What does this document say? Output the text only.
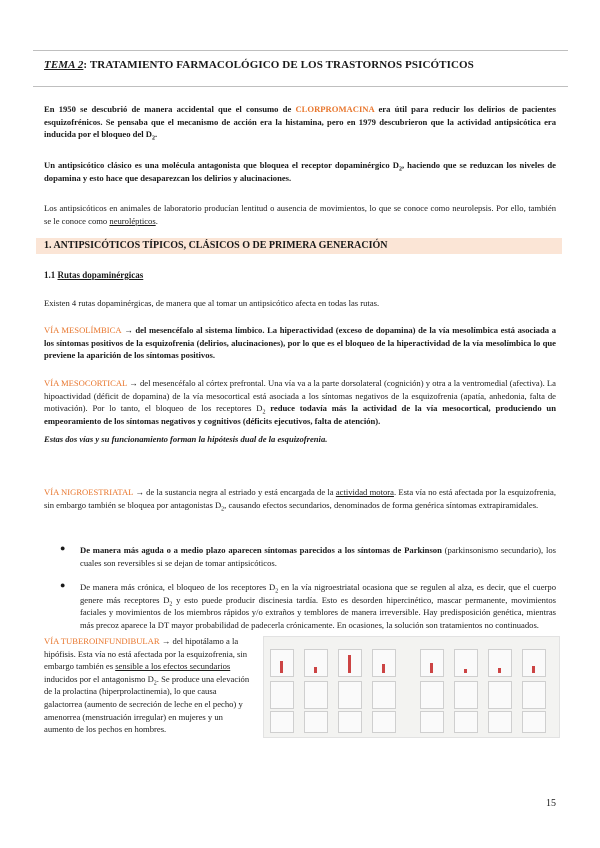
TEMA 2: TRATAMIENTO FARMACOLÓGICO DE LOS TRASTORNOS PSICÓTICOS
En 1950 se descubrió de manera accidental que el consumo de CLORPROMACINA era útil para reducir los delirios de pacientes esquizofrénicos. Se pensaba que el mecanismo de acción era la histamina, pero en 1979 descubrieron que la actividad antipsicótica era inducida por el bloqueo del $D_2$.
Un antipsicótico clásico es una molécula antagonista que bloquea el receptor dopaminérgico $D_2$, haciendo que se reduzcan los niveles de dopamina y esto hace que desaparezcan los delirios y alucinaciones.
Los antipsicóticos en animales de laboratorio producían lentitud o ausencia de movimientos, lo que se conoce como neurolepsis. Por ello, también se le conoce como neurolépticos.
1. ANTIPSICÓTICOS TÍPICOS, CLÁSICOS O DE PRIMERA GENERACIÓN
1.1 Rutas dopaminérgicas
Existen 4 rutas dopaminérgicas, de manera que al tomar un antipsicótico afecta en todas las rutas.
VÍA MESOLÍMBICA → del mesencéfalo al sistema límbico. La hiperactividad (exceso de dopamina) de la vía mesolímbica está asociada a los síntomas positivos de la esquizofrenia (delirios, alucinaciones), por lo que es el bloqueo de la hiperactividad de la vía mesolímbica lo que previene la aparición de los síntomas positivos.
VÍA MESOCORTICAL → del mesencéfalo al córtex prefrontal. Una vía va a la parte dorsolateral (cognición) y otra a la ventromedial (afectiva). La hipoactividad (déficit de dopamina) de la vía mesocortical está asociada a los síntomas negativos de la esquizofrenia (apatía, anhedonia, falta de motivación). Por lo tanto, el bloqueo de los receptores $D_2$ reduce todavía más la actividad de la vía mesocortical, produciendo un empeoramiento de los síntomas negativos y cognitivos (déficits ejecutivos, falta de atención).
Estas dos vías y su funcionamiento forman la hipótesis dual de la esquizofrenia.
VÍA NIGROESTRIATAL → de la sustancia negra al estriado y está encargada de la actividad motora. Esta vía no está afectada por la esquizofrenia, sin embargo también se bloquea por antagonistas $D_2$, causando efectos secundarios, denominados de forma genérica síntomas extrapiramidales.
● De manera más aguda o a medio plazo aparecen síntomas parecidos a los síntomas de Parkinson (parkinsonismo secundario), los cuales son reversibles si se dejan de tomar antipsicóticos.
● De manera más crónica, el bloqueo de los receptores $D_2$ en la vía nigroestriatal ocasiona que se regulen al alza, es decir, que el cuerpo genere más receptores $D_2$ y esto puede producir discinesia tardía. Esto es desorden hipercinético, mascar permanente, movimientos faciales y movimientos de los miembros rápidos y/o extraños y temblores de manera irreversible. Hay predisposición genética, mientras más precoz aparece la DT mayor probabilidad de padecerla crónicamente. En ocasiones, la solución son tratamientos no continuados.
VÍA TUBEROINFUNDIBULAR → del hipotálamo a la hipófisis. Esta vía no está afectada por la esquizofrenia, sin embargo también es sensible a los efectos secundarios inducidos por el antagonismo $D_2$. Se produce una elevación de la prolactina (hiperprolactinemia), lo que causa galactorrea (aumento de secreción de leche en el pecho) y amenorrea (menstruación irregular) en mujeres y un aumento de los pechos en hombres.
15
